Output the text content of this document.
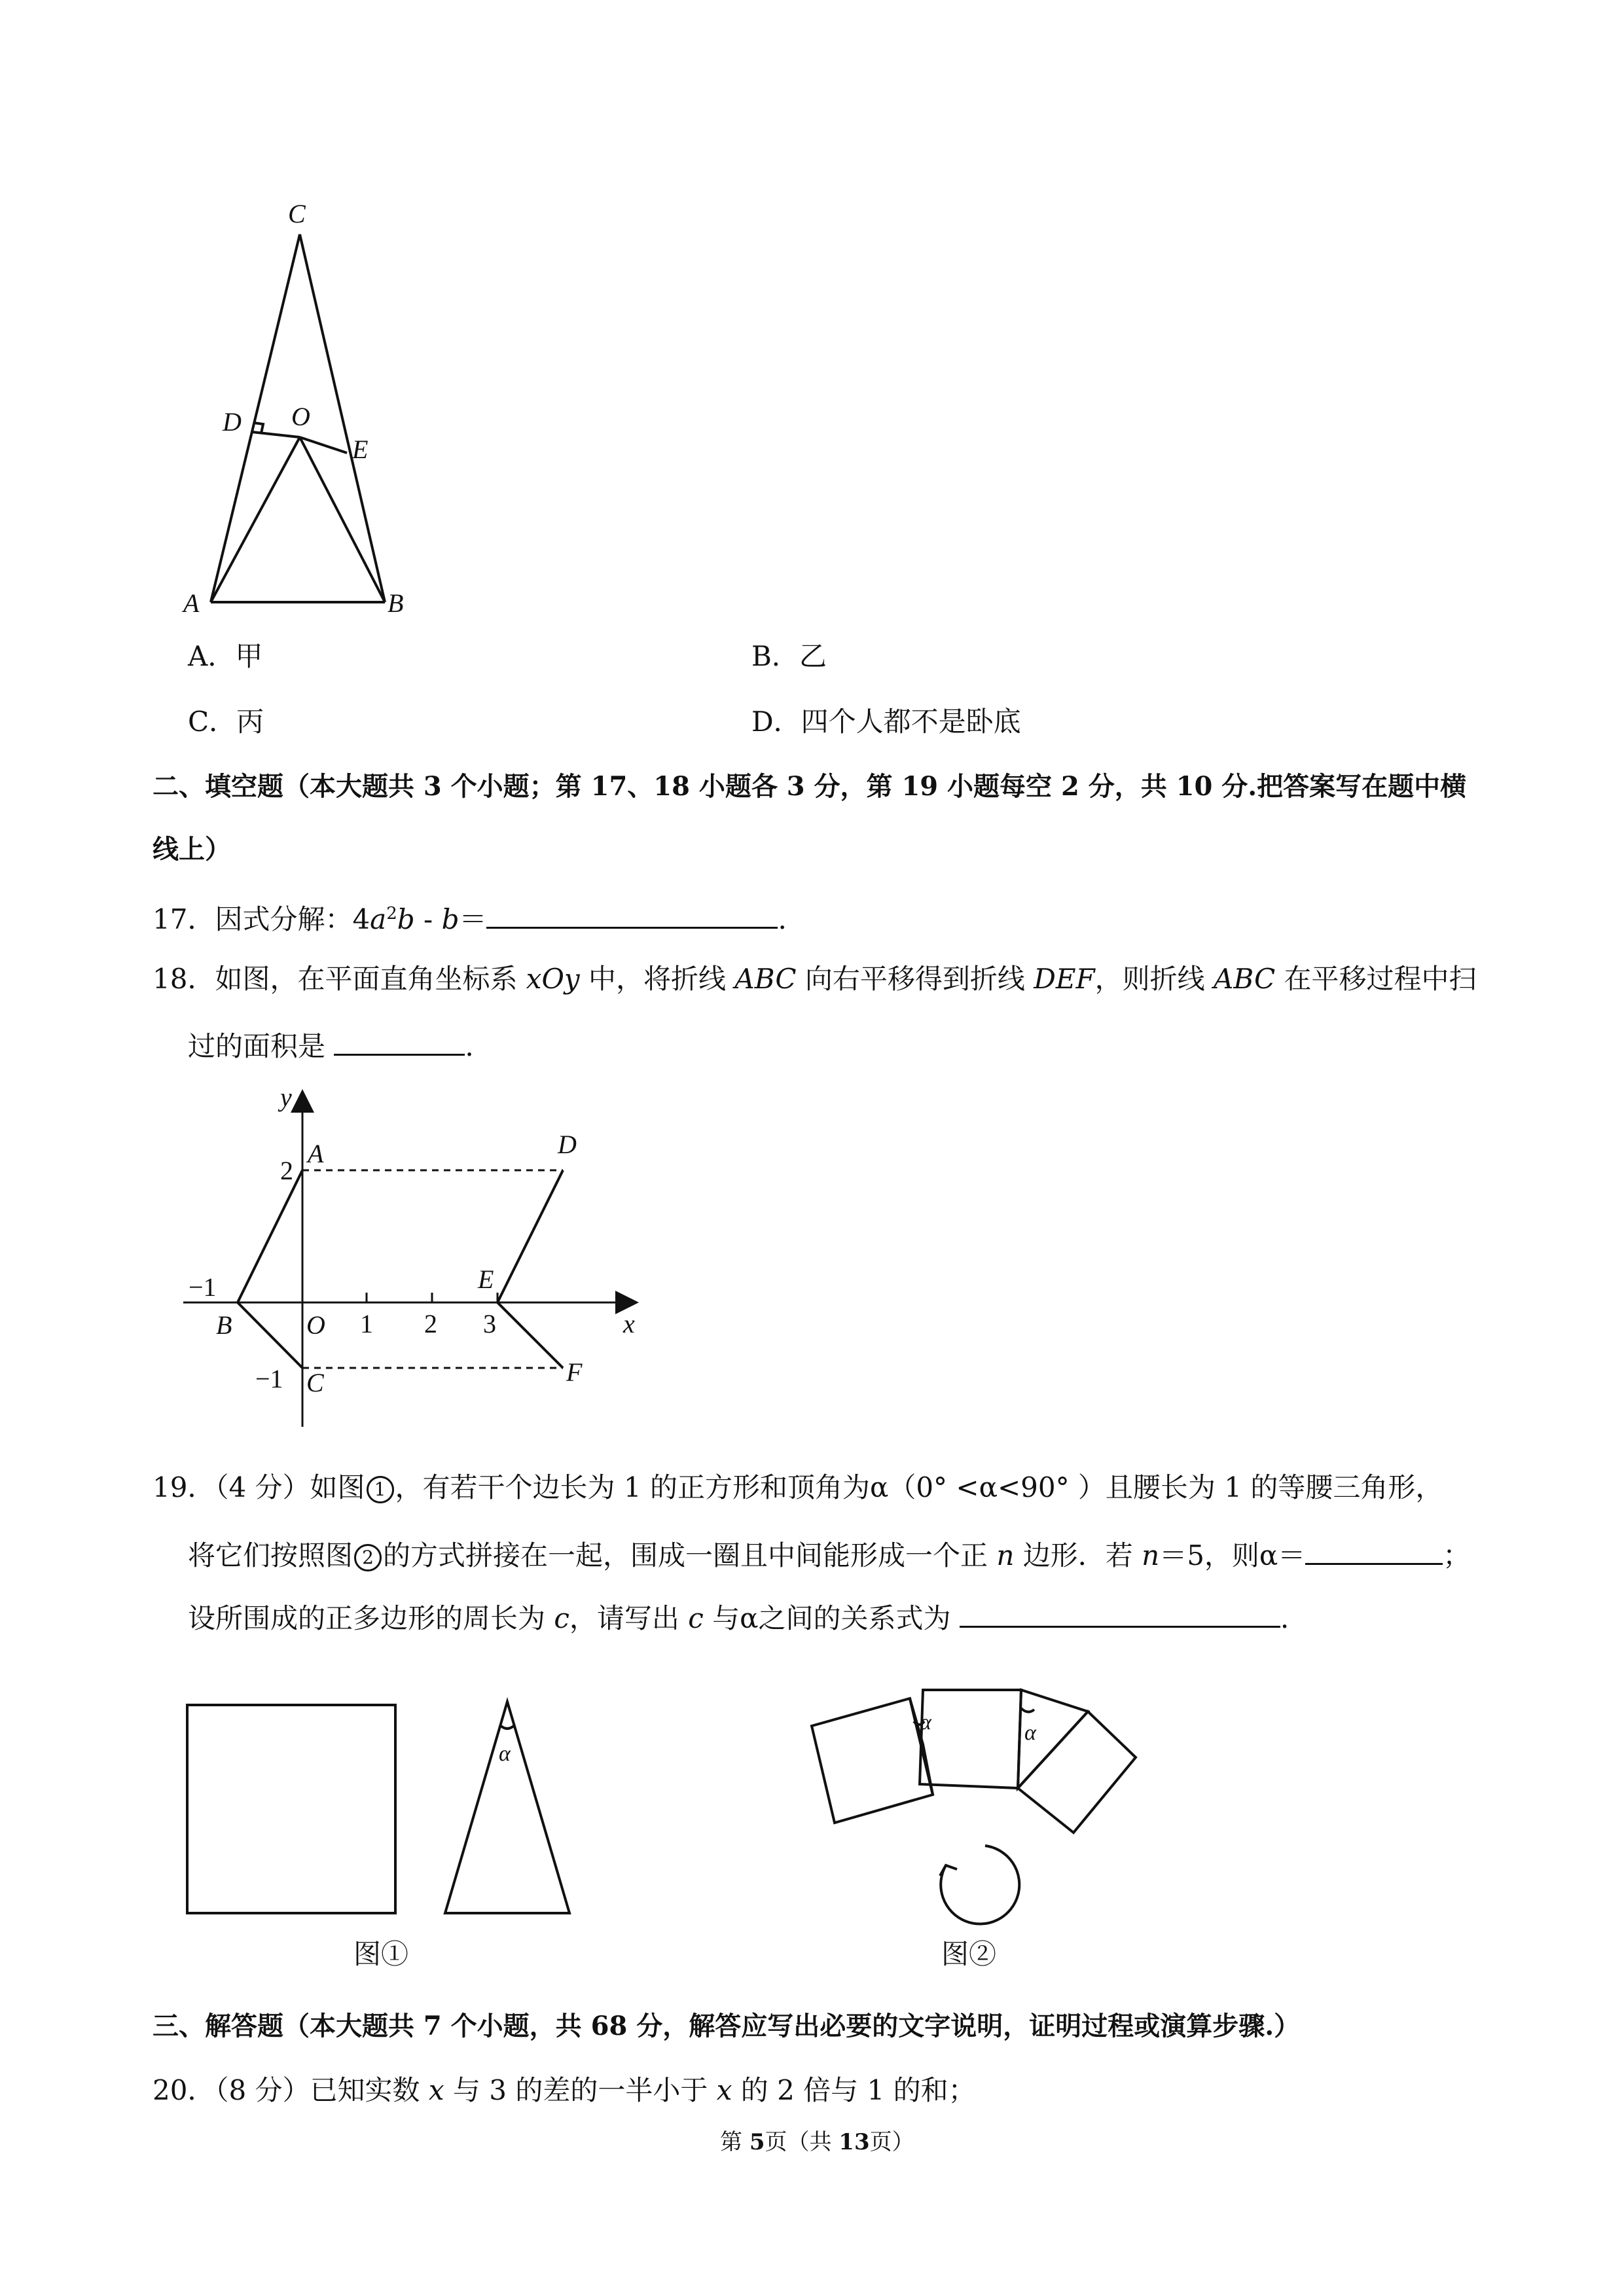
C
D O
E
A	B
A．甲	B．乙
C．丙	D．四个人都不是卧底
二、填空题（本大题共 3 个小题；第 17、18 小题各 3 分，第 19 小题每空 2 分，共 10 分.把答案写在题中横
线上）
17．因式分解：$4a^2b - b=$	.
18．如图，在平面直角坐标系 xOy 中，将折线 ABC 向右平移得到折线 DEF，则折线 ABC 在平移过程中扫
过的面积是	.
y
x
O
−1
1 2 3
2
−1
A
B
C
D
E
F
19．（4 分）如图 1 ，有若干个边长为 1 的正方形和顶角为α（0° <α<90° ）且腰长为 1 的等腰三角形，
将它们按照图 2 的方式拼接在一起，围成一圈且中间能形成一个正 n 边形．若 n＝5，则α＝	；
设所围成的正多边形的周长为 c，请写出 c 与α之间的关系式为	.
α
图①
α	α
图②
三、解答题（本大题共 7 个小题，共 68 分，解答应写出必要的文字说明，证明过程或演算步骤.）
20．（8 分）已知实数 x 与 3 的差的一半小于 x 的 2 倍与 1 的和；
第 5页（共 13页）
